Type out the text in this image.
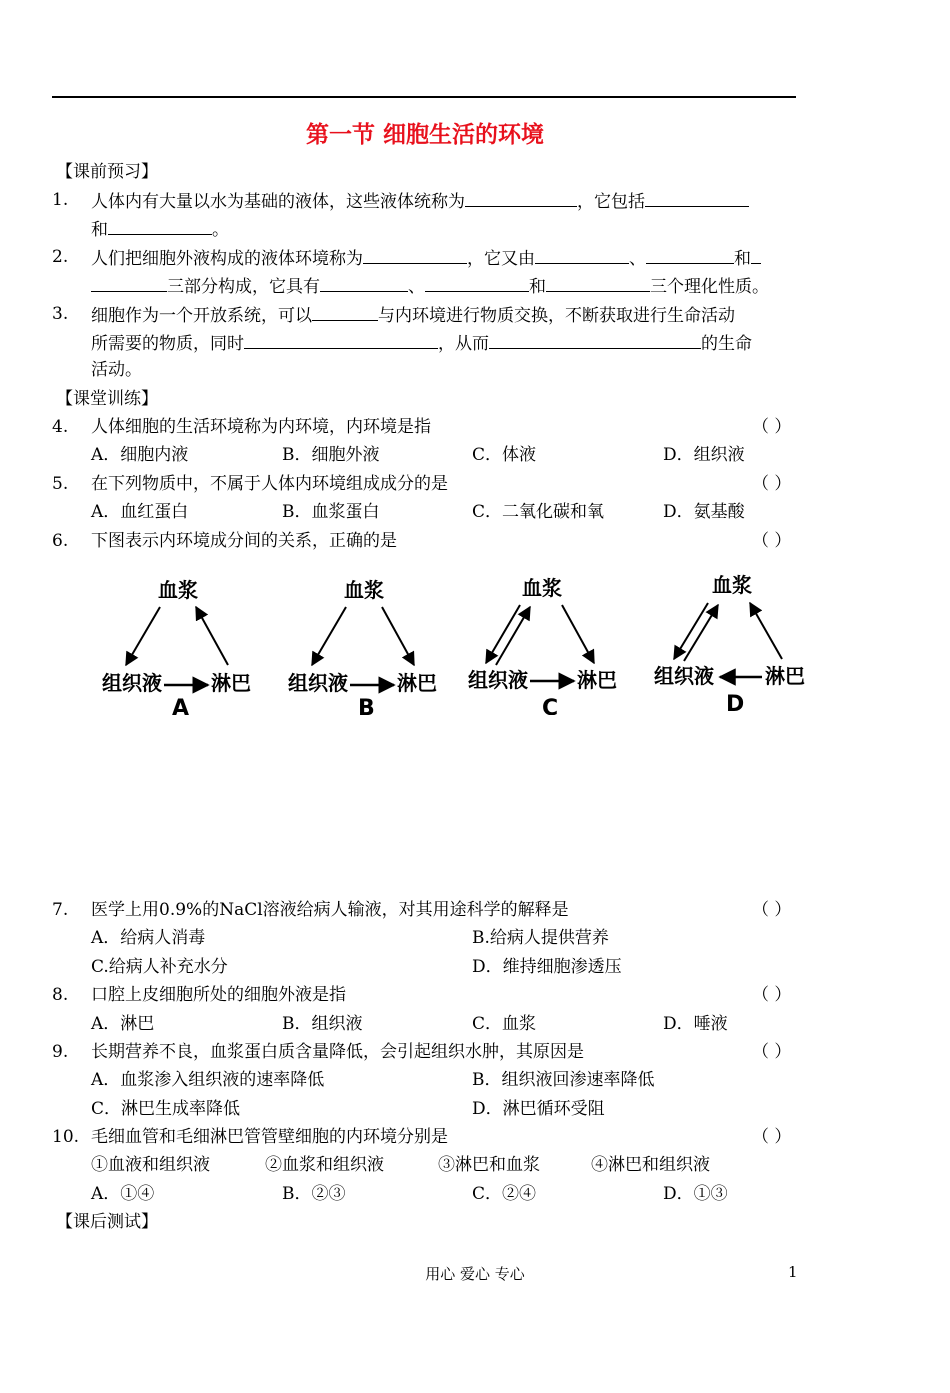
第一节 细胞生活的环境
【课前预习】
1. 人体内有大量以水为基础的液体，这些液体统称为	，它包括
和	。
2. 人们把细胞外液构成的液体环境称为	，它又由	、	和
三部分构成，它具有	、	和	三个理化性质。
3. 细胞作为一个开放系统，可以	与内环境进行物质交换，不断获取进行生命活动
所需要的物质，同时	，从而	的生命
活动。
【课堂训练】
4. 人体细胞的生活环境称为内环境，内环境是指	（ ）
A．细胞内液	B．细胞外液	C．体液	D．组织液
5. 在下列物质中，不属于人体内环境组成成分的是	（ ）
A．血红蛋白	B．血浆蛋白	C．二氧化碳和氧	D．氨基酸
6. 下图表示内环境成分间的关系，正确的是	（ ）
血浆
组织液 淋巴
A
血浆
组织液 淋巴
B
血浆
组织液 淋巴
C
血浆
组织液	淋巴
D
7. 医学上用0.9%的NaCl溶液给病人输液，对其用途科学的解释是	（ ）
A．给病人消毒	B.给病人提供营养
C.给病人补充水分	D．维持细胞渗透压
8. 口腔上皮细胞所处的细胞外液是指	（ ）
A．淋巴	B．组织液	C．血浆	D．唾液
9. 长期营养不良，血浆蛋白质含量降低，会引起组织水肿，其原因是	（ ）
A．血浆渗入组织液的速率降低	B．组织液回渗速率降低
C．淋巴生成率降低	D．淋巴循环受阻
10. 毛细血管和毛细淋巴管管壁细胞的内环境分别是	（ ）
①血液和组织液	②血浆和组织液	③淋巴和血浆	④淋巴和组织液
A．①④	B．②③	C．②④	D．①③
【课后测试】
用心 爱心 专心	1
